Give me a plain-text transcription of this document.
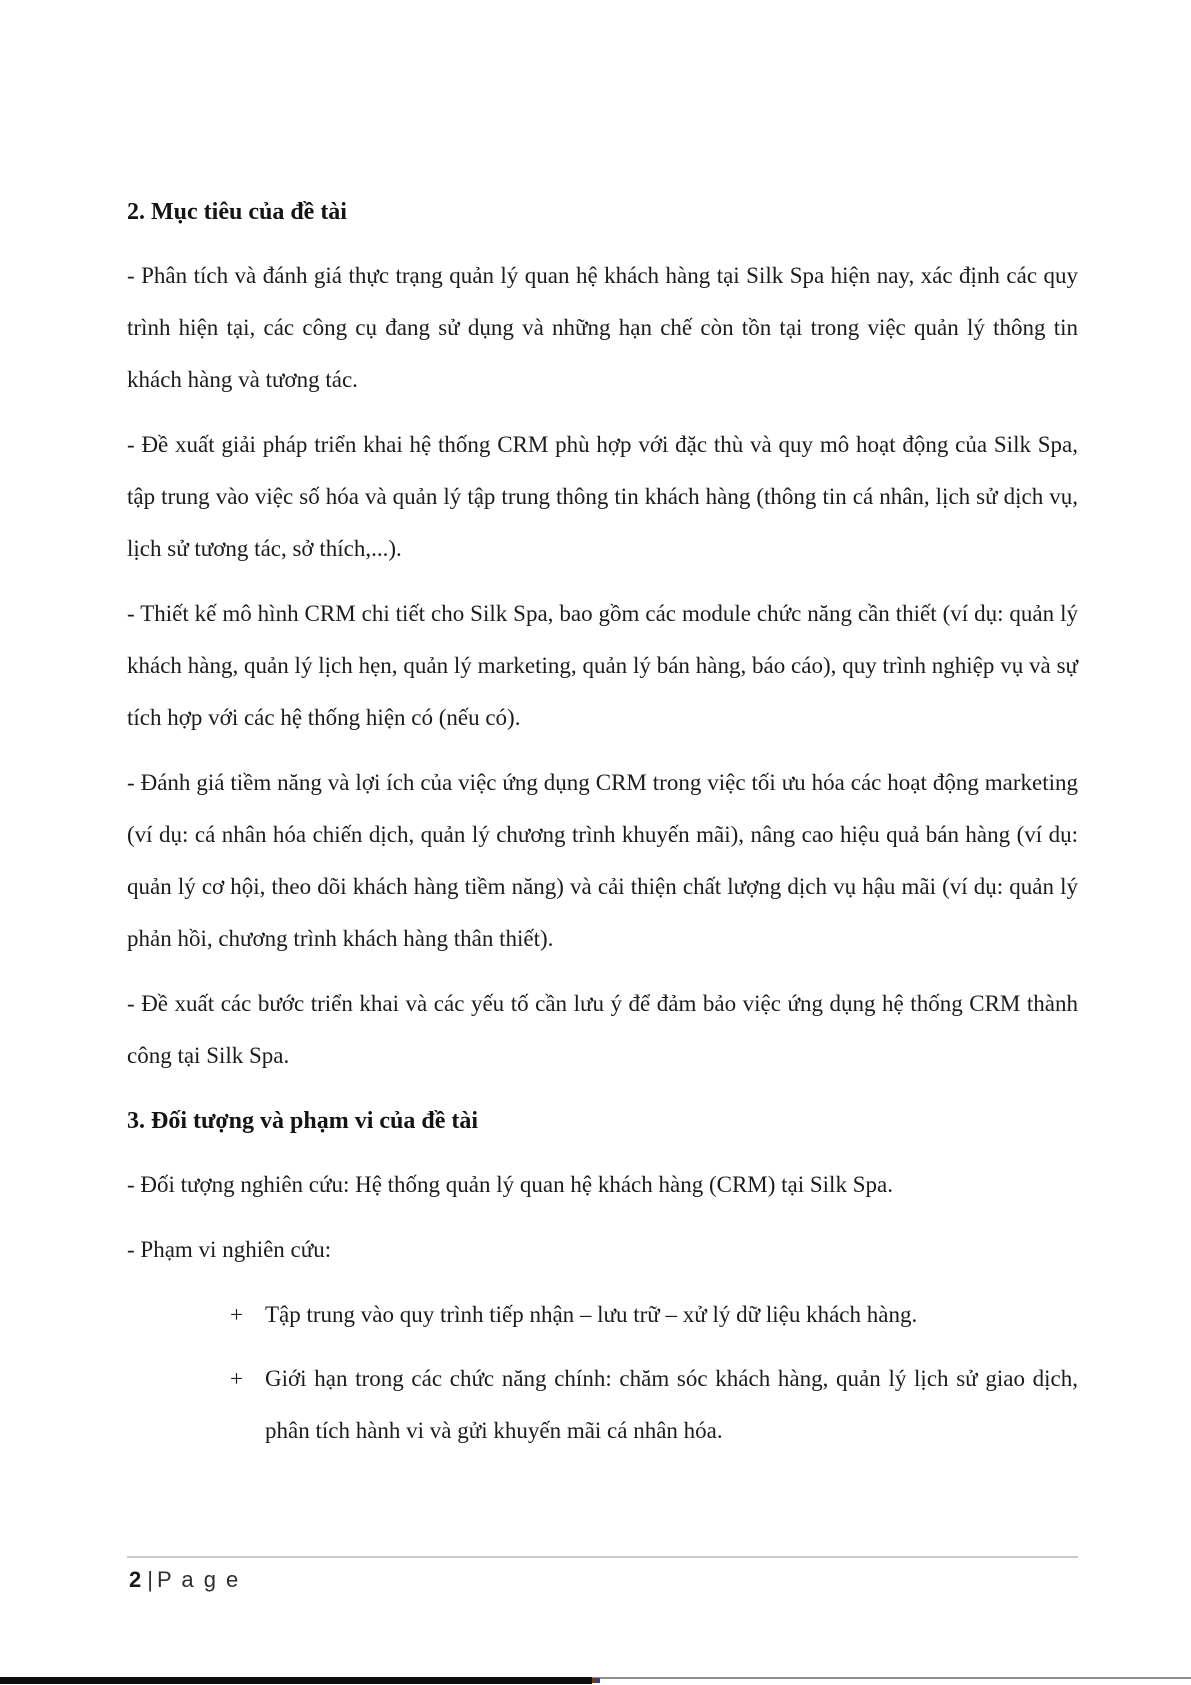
2. Mục tiêu của đề tài

- Phân tích và đánh giá thực trạng quản lý quan hệ khách hàng tại Silk Spa hiện nay, xác định các quy trình hiện tại, các công cụ đang sử dụng và những hạn chế còn tồn tại trong việc quản lý thông tin khách hàng và tương tác.

- Đề xuất giải pháp triển khai hệ thống CRM phù hợp với đặc thù và quy mô hoạt động của Silk Spa, tập trung vào việc số hóa và quản lý tập trung thông tin khách hàng (thông tin cá nhân, lịch sử dịch vụ, lịch sử tương tác, sở thích,...).

- Thiết kế mô hình CRM chi tiết cho Silk Spa, bao gồm các module chức năng cần thiết (ví dụ: quản lý khách hàng, quản lý lịch hẹn, quản lý marketing, quản lý bán hàng, báo cáo), quy trình nghiệp vụ và sự tích hợp với các hệ thống hiện có (nếu có).

- Đánh giá tiềm năng và lợi ích của việc ứng dụng CRM trong việc tối ưu hóa các hoạt động marketing (ví dụ: cá nhân hóa chiến dịch, quản lý chương trình khuyến mãi), nâng cao hiệu quả bán hàng (ví dụ: quản lý cơ hội, theo dõi khách hàng tiềm năng) và cải thiện chất lượng dịch vụ hậu mãi (ví dụ: quản lý phản hồi, chương trình khách hàng thân thiết).

- Đề xuất các bước triển khai và các yếu tố cần lưu ý để đảm bảo việc ứng dụng hệ thống CRM thành công tại Silk Spa.

3. Đối tượng và phạm vi của đề tài

- Đối tượng nghiên cứu: Hệ thống quản lý quan hệ khách hàng (CRM) tại Silk Spa.

- Phạm vi nghiên cứu:

+ Tập trung vào quy trình tiếp nhận – lưu trữ – xử lý dữ liệu khách hàng.
+ Giới hạn trong các chức năng chính: chăm sóc khách hàng, quản lý lịch sử giao dịch, phân tích hành vi và gửi khuyến mãi cá nhân hóa.
2 | P a g e
